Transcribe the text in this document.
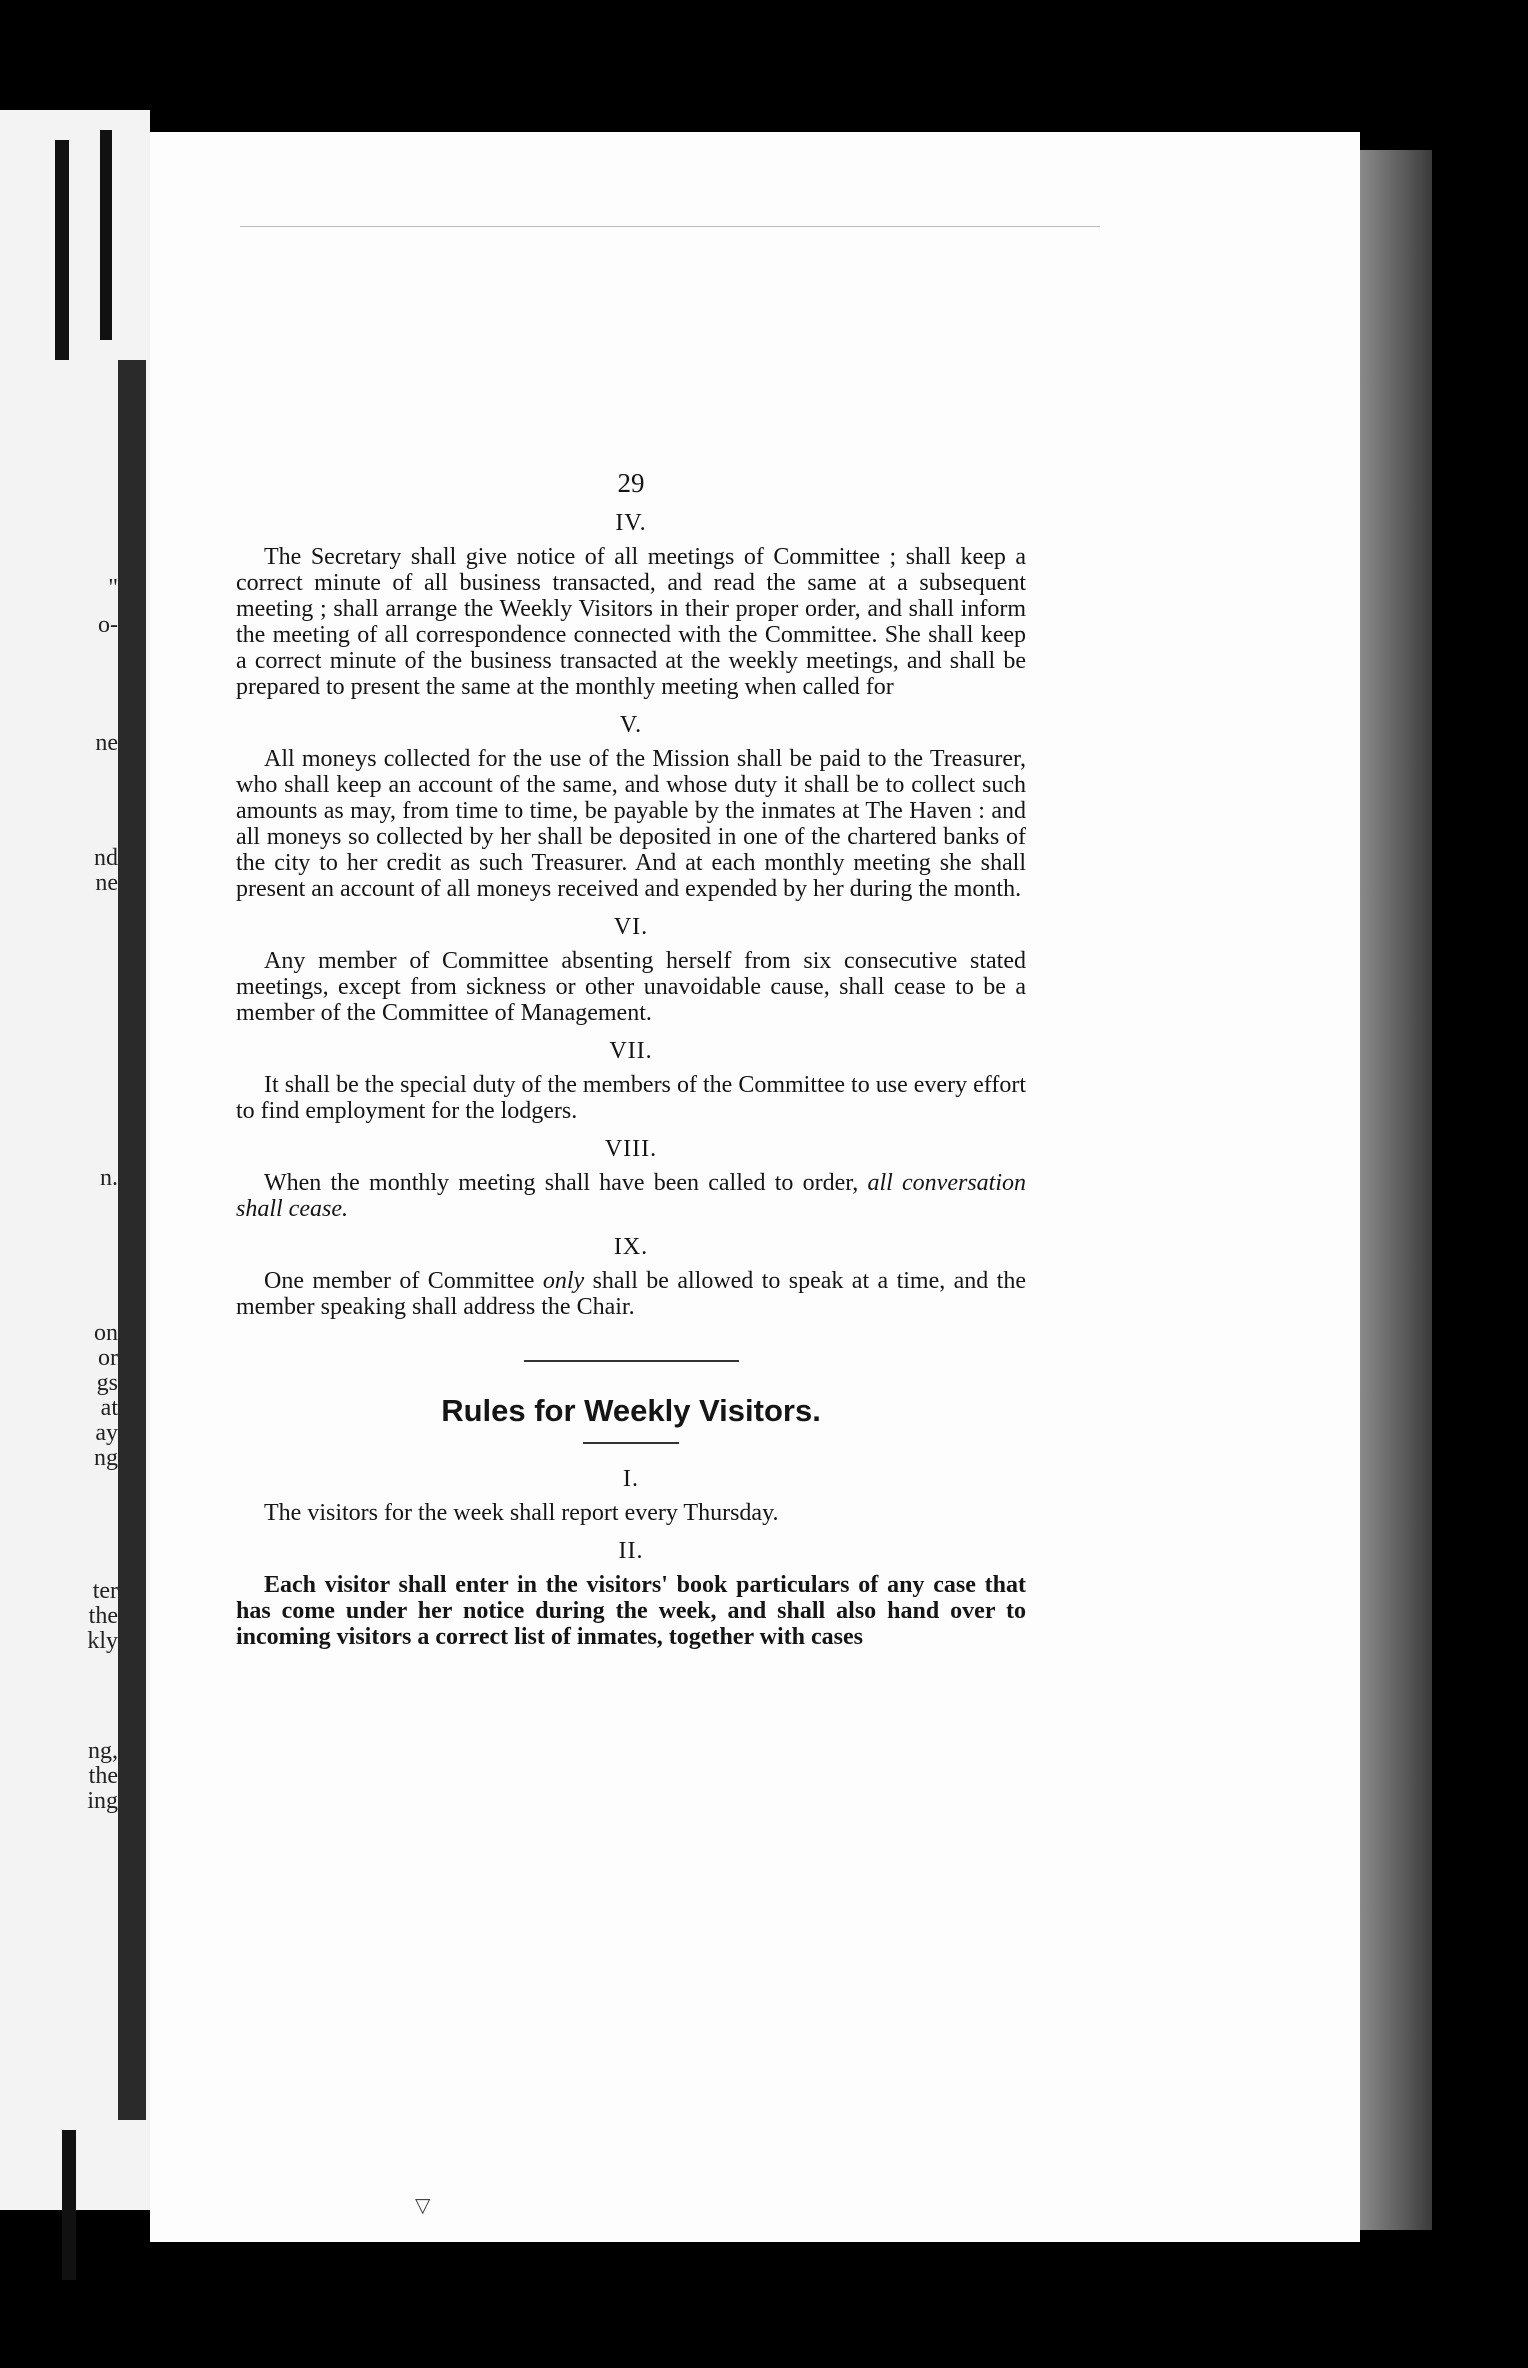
"
o-
ne
nd
ne
n.
on
or
gs
at
ay
ng
ter
the
kly
ng,
the
ing
29
IV.

The Secretary shall give notice of all meetings of Committee ; shall keep a correct minute of all business transacted, and read the same at a subsequent meeting ; shall arrange the Weekly Visitors in their proper order, and shall inform the meeting of all correspondence connected with the Committee. She shall keep a correct minute of the business transacted at the weekly meetings, and shall be prepared to present the same at the monthly meeting when called for

V.

All moneys collected for the use of the Mission shall be paid to the Treasurer, who shall keep an account of the same, and whose duty it shall be to collect such amounts as may, from time to time, be payable by the inmates at The Haven : and all moneys so collected by her shall be deposited in one of the chartered banks of the city to her credit as such Treasurer. And at each monthly meeting she shall present an account of all moneys received and expended by her during the month.

VI.

Any member of Committee absenting herself from six consecutive stated meetings, except from sickness or other unavoidable cause, shall cease to be a member of the Committee of Management.

VII.

It shall be the special duty of the members of the Committee to use every effort to find employment for the lodgers.

VIII.

When the monthly meeting shall have been called to order, all conversation shall cease.

IX.

One member of Committee only shall be allowed to speak at a time, and the member speaking shall address the Chair.

Rules for Weekly Visitors.
I.

The visitors for the week shall report every Thursday.

II.

Each visitor shall enter in the visitors' book particulars of any case that has come under her notice during the week, and shall also hand over to incoming visitors a correct list of inmates, together with cases

▽
